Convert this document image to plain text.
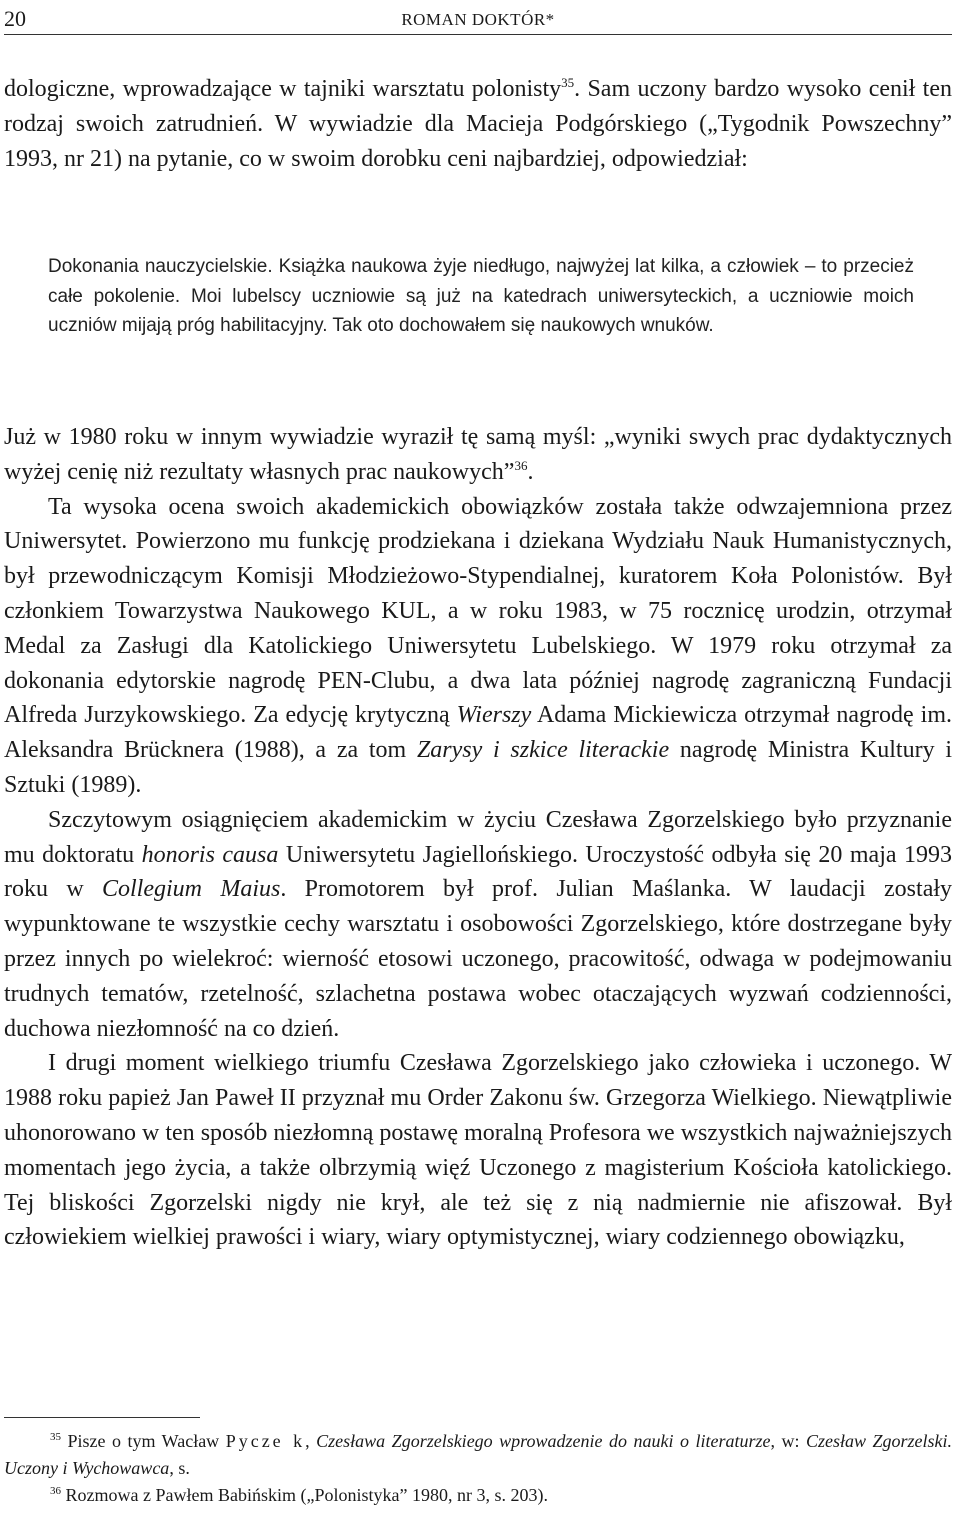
20	ROMAN DOKTÓR*

dologiczne, wprowadzające w tajniki warsztatu polonisty$^{35}$. Sam uczony bardzo wysoko cenił ten rodzaj swoich zatrudnień. W wywiadzie dla Macieja Podgórskiego („Tygodnik Powszechny” 1993, nr 21) na pytanie, co w swoim dorobku ceni najbardziej, odpowiedział:

Dokonania nauczycielskie. Książka naukowa żyje niedługo, najwyżej lat kilka, a człowiek – to przecież całe pokolenie. Moi lubelscy uczniowie są już na katedrach uniwersyteckich, a uczniowie moich uczniów mijają próg habilitacyjny. Tak oto dochowałem się naukowych wnuków.

Już w 1980 roku w innym wywiadzie wyraził tę samą myśl: „wyniki swych prac dydaktycznych wyżej cenię niż rezultaty własnych prac naukowych”$^{36}$.

Ta wysoka ocena swoich akademickich obowiązków została także odwzajemniona przez Uniwersytet. Powierzono mu funkcję prodziekana i dziekana Wydziału Nauk Humanistycznych, był przewodniczącym Komisji Młodzieżowo-Stypendialnej, kuratorem Koła Polonistów. Był członkiem Towarzystwa Naukowego KUL, a w roku 1983, w 75 rocznicę urodzin, otrzymał Medal za Zasługi dla Katolickiego Uniwersytetu Lubelskiego. W 1979 roku otrzymał za dokonania edytorskie nagrodę PEN-Clubu, a dwa lata później nagrodę zagraniczną Fundacji Alfreda Jurzykowskiego. Za edycję krytyczną Wierszy Adama Mickiewicza otrzymał nagrodę im. Aleksandra Brücknera (1988), a za tom Zarysy i szkice literackie nagrodę Ministra Kultury i Sztuki (1989).

Szczytowym osiągnięciem akademickim w życiu Czesława Zgorzelskiego było przyznanie mu doktoratu honoris causa Uniwersytetu Jagiellońskiego. Uroczystość odbyła się 20 maja 1993 roku w Collegium Maius. Promotorem był prof. Julian Maślanka. W laudacji zostały wypunktowane te wszystkie cechy warsztatu i osobowości Zgorzelskiego, które dostrzegane były przez innych po wielekroć: wierność etosowi uczonego, pracowitość, odwaga w podejmowaniu trudnych tematów, rzetelność, szlachetna postawa wobec otaczających wyzwań codzienności, duchowa niezłomność na co dzień.

I drugi moment wielkiego triumfu Czesława Zgorzelskiego jako człowieka i uczonego. W 1988 roku papież Jan Paweł II przyznał mu Order Zakonu św. Grzegorza Wielkiego. Niewątpliwie uhonorowano w ten sposób niezłomną postawę moralną Profesora we wszystkich najważniejszych momentach jego życia, a także olbrzymią więź Uczonego z magisterium Kościoła katolickiego. Tej bliskości Zgorzelski nigdy nie krył, ale też się z nią nadmiernie nie afiszował. Był człowiekiem wielkiej prawości i wiary, wiary optymistycznej, wiary codziennego obowiązku,

$^{35}$ Pisze o tym Wacław Pycze k, Czesława Zgorzelskiego wprowadzenie do nauki o literaturze, w: Czesław Zgorzelski. Uczony i Wychowawca, s.

$^{36}$ Rozmowa z Pawłem Babińskim („Polonistyka” 1980, nr 3, s. 203).
